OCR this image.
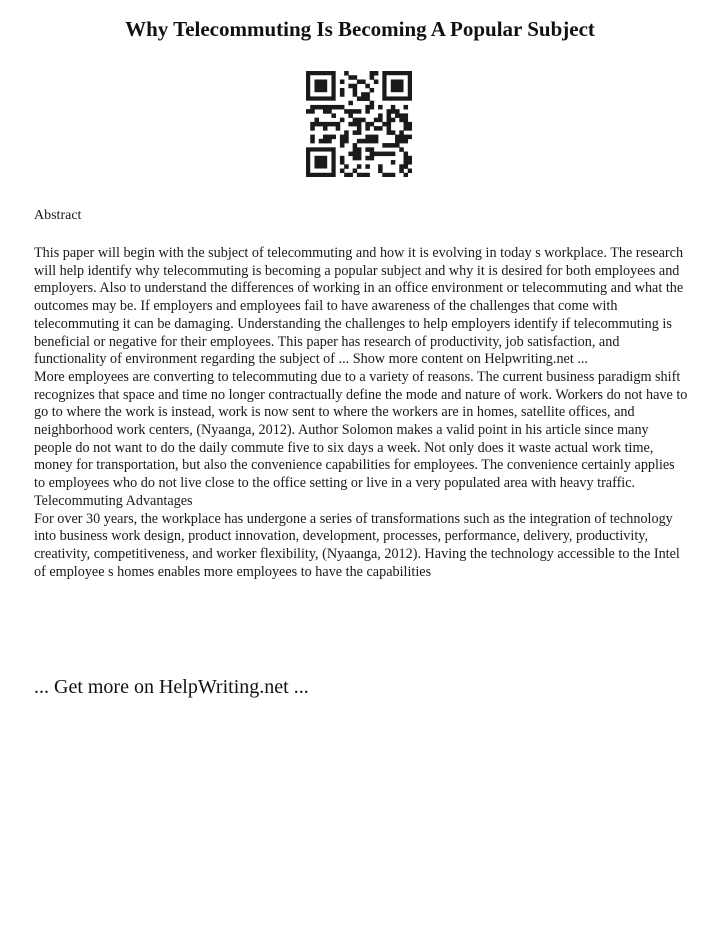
Why Telecommuting Is Becoming A Popular Subject
Abstract

This paper will begin with the subject of telecommuting and how it is evolving in today s workplace. The research will help identify why telecommuting is becoming a popular subject and why it is desired for both employees and employers. Also to understand the differences of working in an office environment or telecommuting and what the outcomes may be. If employers and employees fail to have awareness of the challenges that come with telecommuting it can be damaging. Understanding the challenges to help employers identify if telecommuting is beneficial or negative for their employees. This paper has research of productivity, job satisfaction, and functionality of environment regarding the subject of ... Show more content on Helpwriting.net ...

More employees are converting to telecommuting due to a variety of reasons. The current business paradigm shift recognizes that space and time no longer contractually define the mode and nature of work. Workers do not have to go to where the work is instead, work is now sent to where the workers are in homes, satellite offices, and neighborhood work centers, (Nyaanga, 2012). Author Solomon makes a valid point in his article since many people do not want to do the daily commute five to six days a week. Not only does it waste actual work time, money for transportation, but also the convenience capabilities for employees. The convenience certainly applies to employees who do not live close to the office setting or live in a very populated area with heavy traffic.

Telecommuting Advantages

For over 30 years, the workplace has undergone a series of transformations such as the integration of technology into business work design, product innovation, development, processes, performance, delivery, productivity, creativity, competitiveness, and worker flexibility, (Nyaanga, 2012). Having the technology accessible to the Intel of employee s homes enables more employees to have the capabilities

... Get more on HelpWriting.net ...
